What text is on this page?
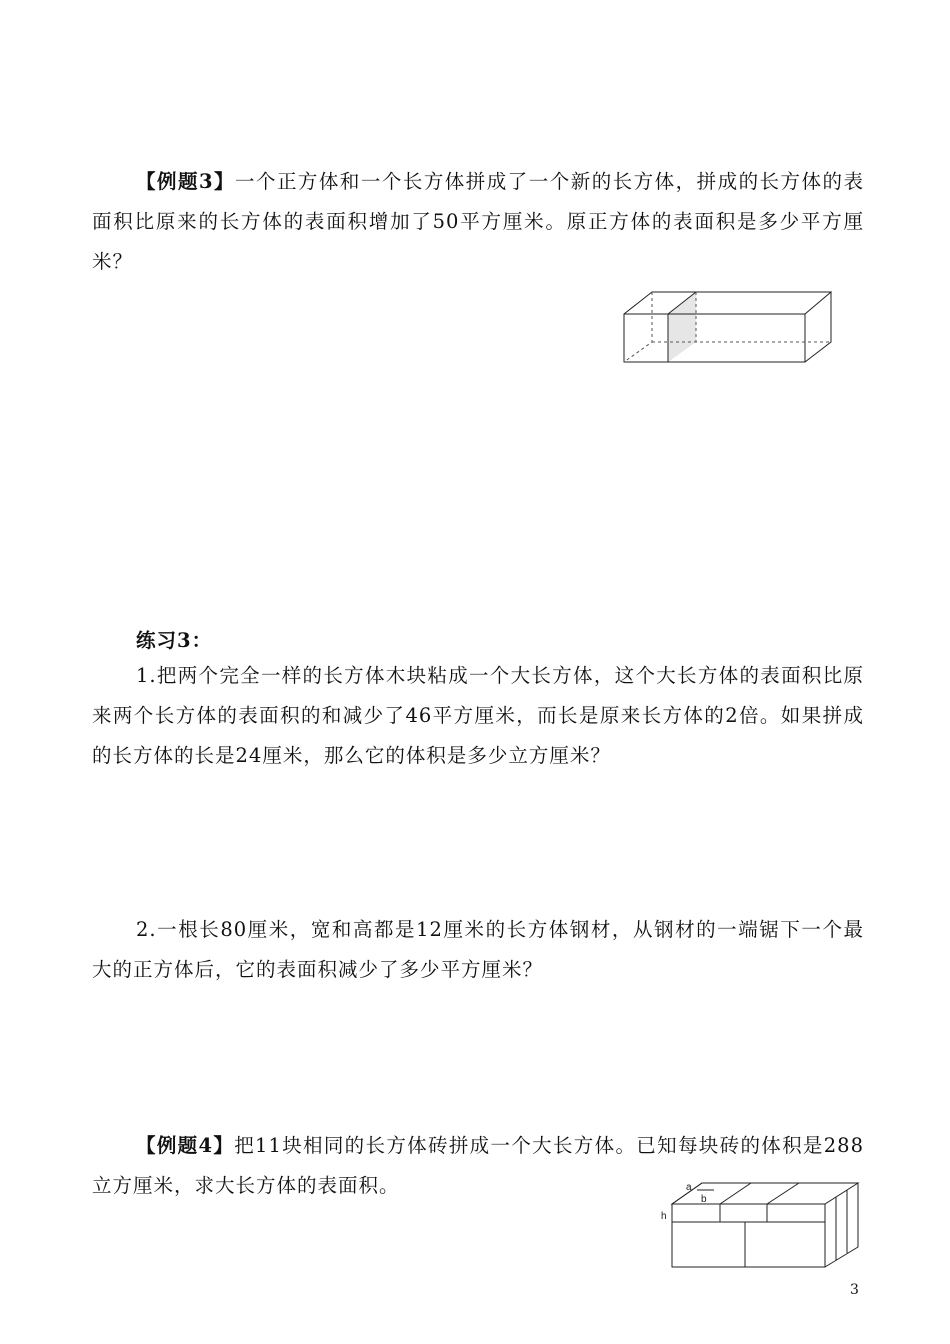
【例题3】一个正方体和一个长方体拼成了一个新的长方体，拼成的长方体的表面积比原来的长方体的表面积增加了50平方厘米。原正方体的表面积是多少平方厘米？
练习3：
1.把两个完全一样的长方体木块粘成一个大长方体，这个大长方体的表面积比原来两个长方体的表面积的和减少了46平方厘米，而长是原来长方体的2倍。如果拼成的长方体的长是24厘米，那么它的体积是多少立方厘米？
2.一根长80厘米，宽和高都是12厘米的长方体钢材，从钢材的一端锯下一个最大的正方体后，它的表面积减少了多少平方厘米？
【例题4】把11块相同的长方体砖拼成一个大长方体。已知每块砖的体积是288立方厘米，求大长方体的表面积。	a
b
h
3
